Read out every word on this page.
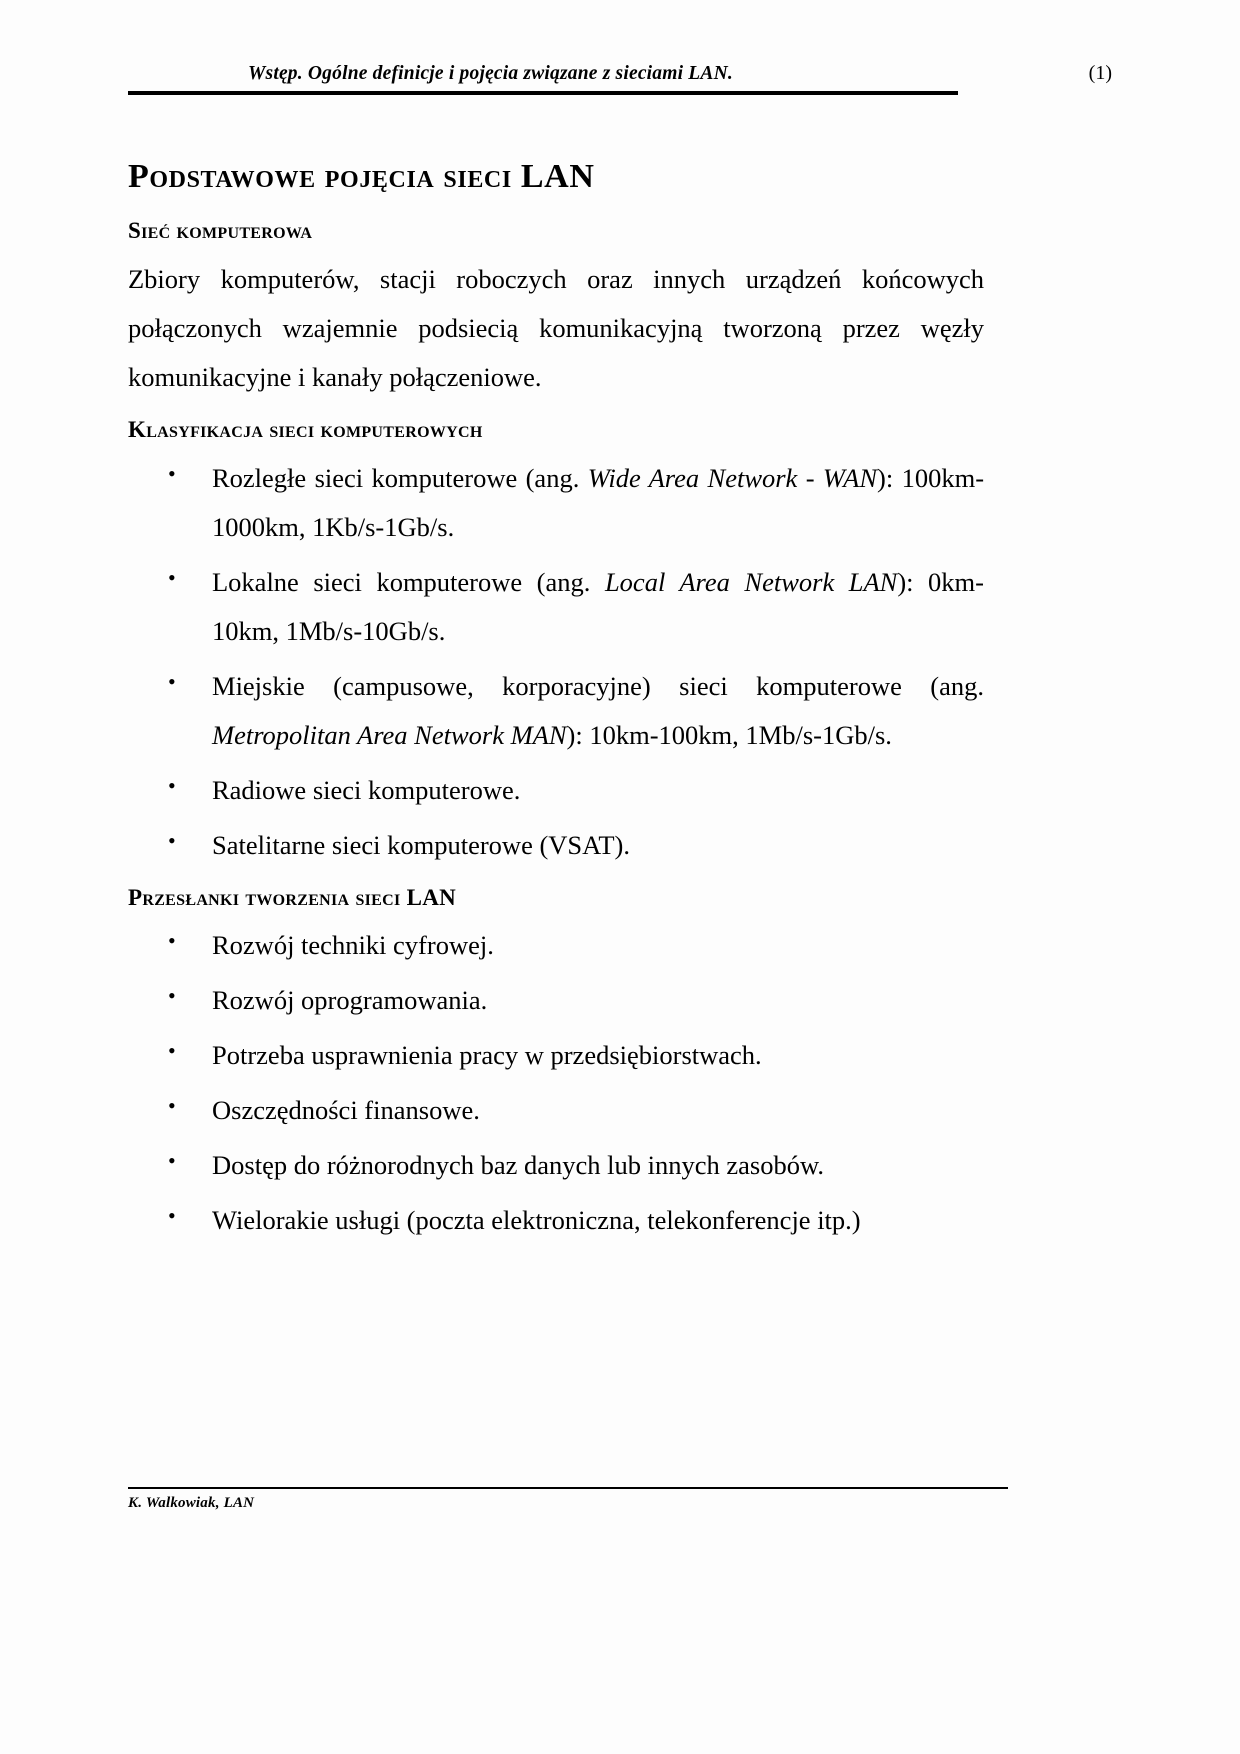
Wstęp. Ogólne definicje i pojęcia związane z sieciami LAN.	(1)
Podstawowe pojęcia sieci LAN
Sieć komputerowa

Zbiory komputerów, stacji roboczych oraz innych urządzeń końcowych połączonych wzajemnie podsiecią komunikacyjną tworzoną przez węzły komunikacyjne i kanały połączeniowe.

Klasyfikacja sieci komputerowych
• Rozległe sieci komputerowe (ang. Wide Area Network - WAN): 100km-1000km, 1Kb/s-1Gb/s.
• Lokalne sieci komputerowe (ang. Local Area Network LAN): 0km-10km, 1Mb/s-10Gb/s.
• Miejskie (campusowe, korporacyjne) sieci komputerowe (ang. Metropolitan Area Network MAN): 10km-100km, 1Mb/s-1Gb/s.
• Radiowe sieci komputerowe.
• Satelitarne sieci komputerowe (VSAT).
Przesłanki tworzenia sieci LAN
• Rozwój techniki cyfrowej.
• Rozwój oprogramowania.
• Potrzeba usprawnienia pracy w przedsiębiorstwach.
• Oszczędności finansowe.
• Dostęp do różnorodnych baz danych lub innych zasobów.
• Wielorakie usługi (poczta elektroniczna, telekonferencje itp.)
K. Walkowiak, LAN
